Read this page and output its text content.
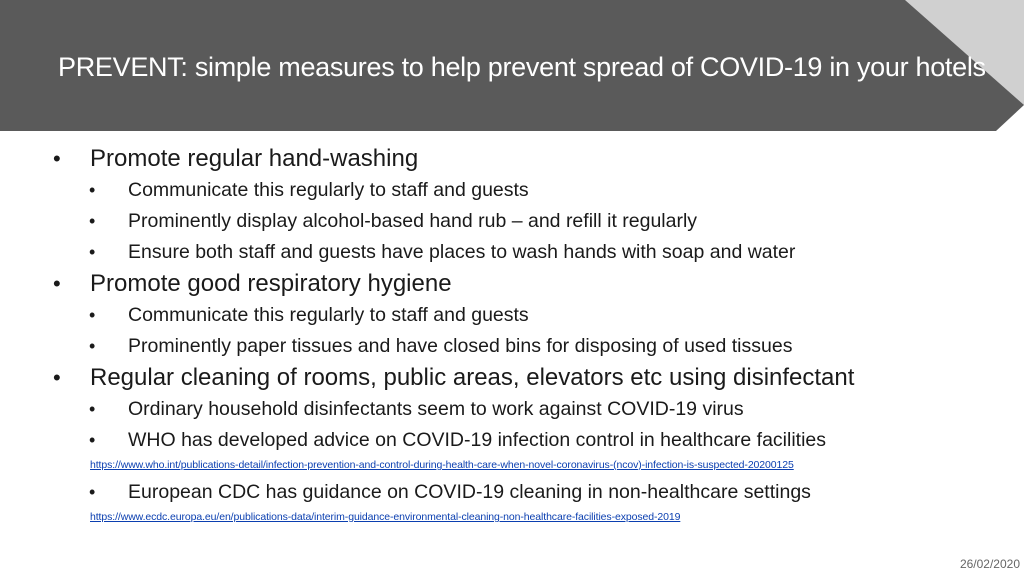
PREVENT: simple measures to help prevent spread of COVID-19 in your hotels
• Promote regular hand-washing
• Communicate this regularly to staff and guests
• Prominently display alcohol-based hand rub – and refill it regularly
• Ensure both staff and guests have places to wash hands with soap and water
• Promote good respiratory hygiene
• Communicate this regularly to staff and guests
• Prominently paper tissues and have closed bins for disposing of used tissues
• Regular cleaning of rooms, public areas, elevators etc using disinfectant
• Ordinary household disinfectants seem to work against COVID-19 virus
• WHO has developed advice on COVID-19 infection control in healthcare facilities
https://www.who.int/publications-detail/infection-prevention-and-control-during-health-care-when-novel-coronavirus-(ncov)-infection-is-suspected-20200125
• European CDC has guidance on COVID-19 cleaning in non-healthcare settings
https://www.ecdc.europa.eu/en/publications-data/interim-guidance-environmental-cleaning-non-healthcare-facilities-exposed-2019
26/02/2020
